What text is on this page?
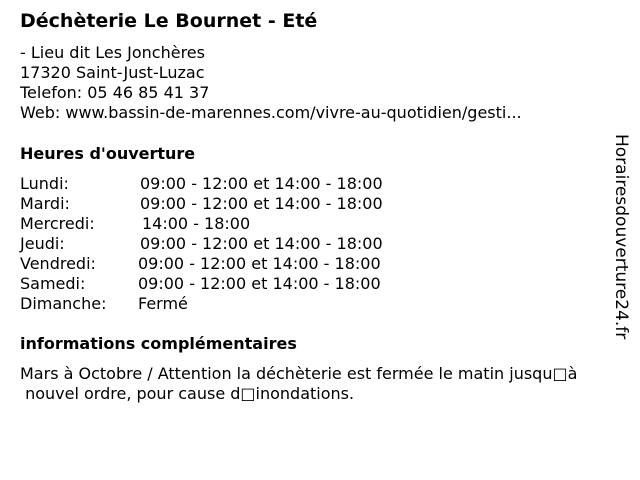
Déchèterie Le Bournet - Eté
- Lieu dit Les Jonchères
17320 Saint-Just-Luzac
Telefon: 05 46 85 41 37
Web: www.bassin-de-marennes.com/vivre-au-quotidien/gesti...
Heures d'ouverture
Lundi:	09:00 - 12:00 et 14:00 - 18:00
Mardi:	09:00 - 12:00 et 14:00 - 18:00
Mercredi:	14:00 - 18:00
Jeudi:	09:00 - 12:00 et 14:00 - 18:00
Vendredi:	09:00 - 12:00 et 14:00 - 18:00
Samedi:	09:00 - 12:00 et 14:00 - 18:00
Dimanche: Fermé
informations complémentaires
Mars à Octobre / Attention la déchèterie est fermée le matin jusqu□à
nouvel ordre, pour cause d□inondations.
Horairesdouverture24.fr
